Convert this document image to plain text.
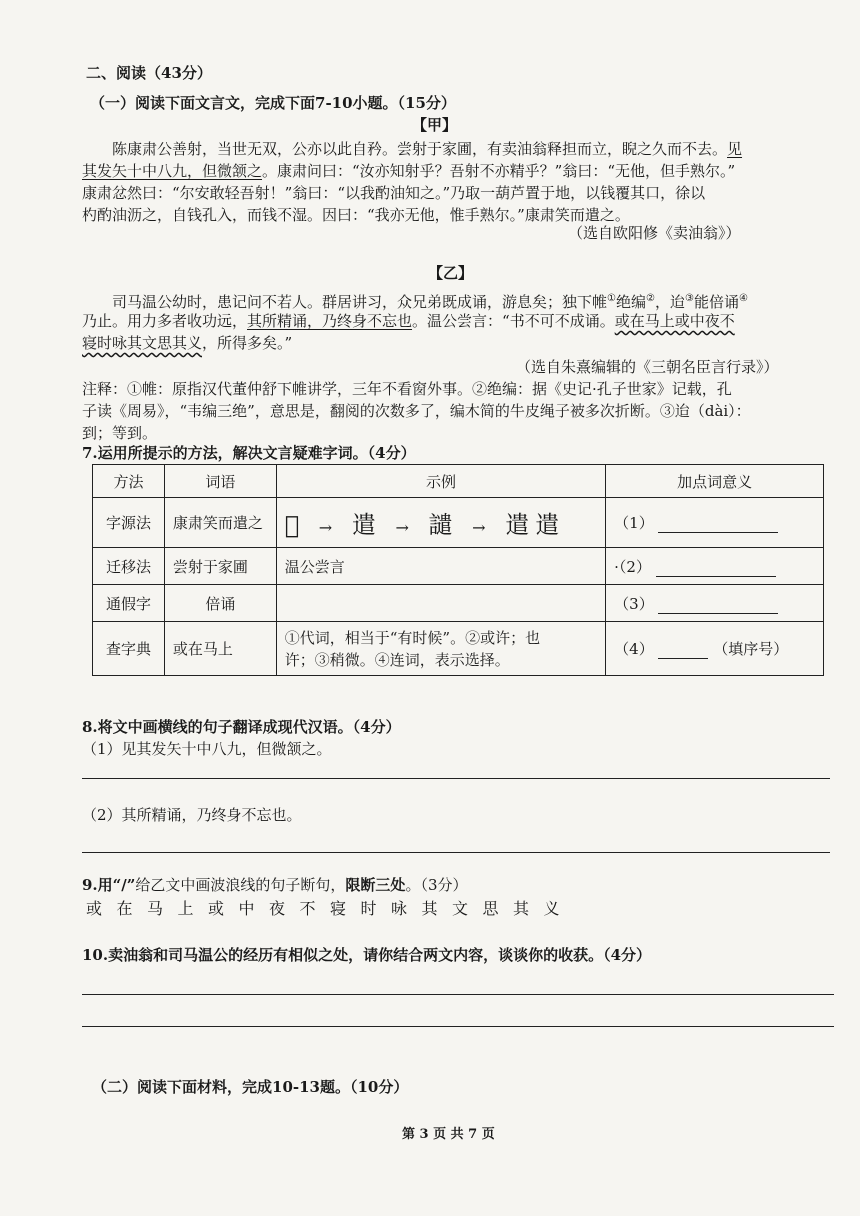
二、阅读（43分）
（一）阅读下面文言文，完成下面7-10小题。（15分）
【甲】
陈康肃公善射，当世无双，公亦以此自矜。尝射于家圃，有卖油翁释担而立，睨之久而不去。见
其发矢十中八九，但微颔之。康肃问曰：“汝亦知射乎？吾射不亦精乎？”翁曰：“无他，但手熟尔。”
康肃忿然曰：“尔安敢轻吾射！”翁曰：“以我酌油知之。”乃取一葫芦置于地，以钱覆其口，徐以
杓酌油沥之，自钱孔入，而钱不湿。因曰：“我亦无他，惟手熟尔。”康肃笑而遣之。
（选自欧阳修《卖油翁》）
【乙】
司马温公幼时，患记问不若人。群居讲习，众兄弟既成诵，游息矣；独下帷①绝编②，迨③能倍诵④
乃止。用力多者收功远，其所精诵，乃终身不忘也。温公尝言：“书不可不成诵。或在马上或中夜不
寝时咏其文思其义，所得多矣。”
（选自朱熹编辑的《三朝名臣言行录》）
注释：①帷：原指汉代董仲舒下帷讲学，三年不看窗外事。②绝编：据《史记·孔子世家》记载，孔
子读《周易》，“韦编三绝”，意思是，翻阅的次数多了，编木简的牛皮绳子被多次折断。③迨（dài）：
到；等到。
7.运用所提示的方法，解决文言疑难字词。（4分）
方法	词语	示例	加点词意义
字源法	康肃笑而遣之	𢍉 → 遣 → 譴 → 遣遣	（1）
迁移法	尝射于家圃	温公尝言	·（2）
通假字	倍诵		（3）
查字典	或在马上	①代词，相当于“有时候”。②或许；也
许；③稍微。④连词，表示选择。	（4） （填序号）
8.将文中画横线的句子翻译成现代汉语。（4分）
（1）见其发矢十中八九，但微颔之。
（2）其所精诵，乃终身不忘也。
9.用“/”给乙文中画波浪线的句子断句，限断三处。（3分）
或在马上或中夜不寝时咏其文思其义
10.卖油翁和司马温公的经历有相似之处，请你结合两文内容，谈谈你的收获。（4分）
（二）阅读下面材料，完成10-13题。（10分）
第 3 页 共 7 页
